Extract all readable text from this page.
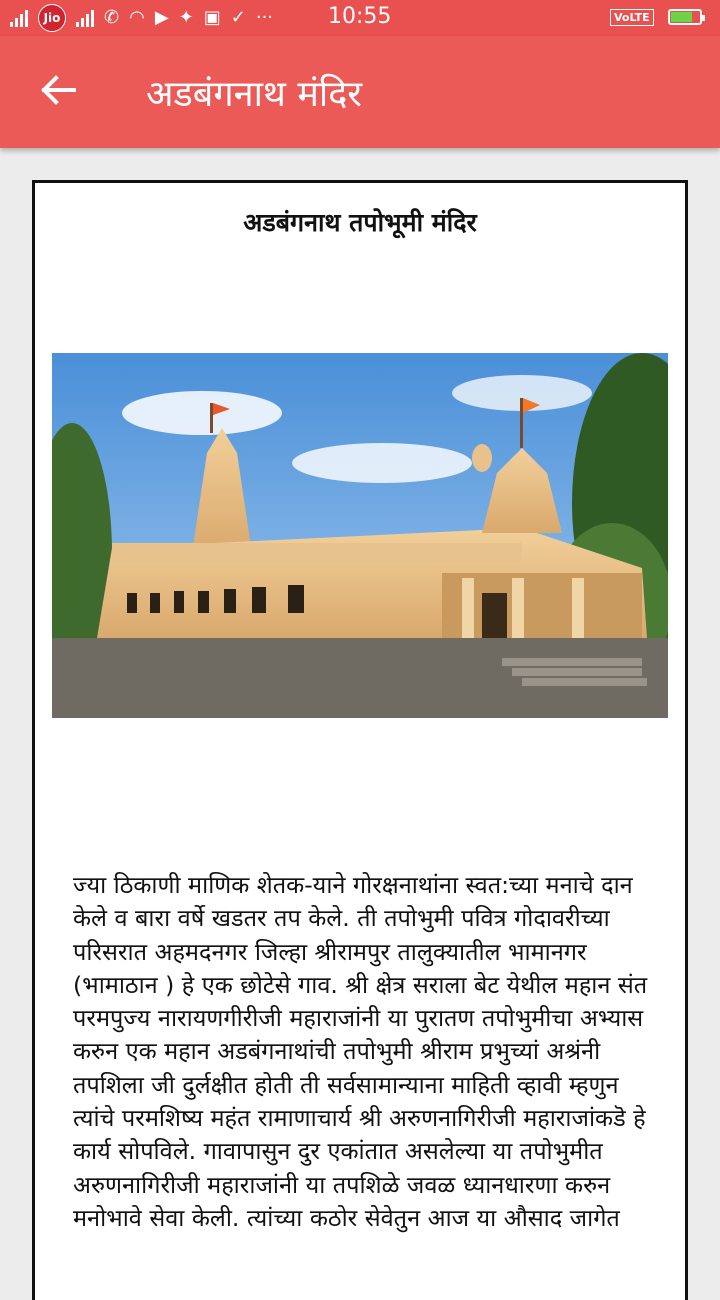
Jio	✆ ◠ ▶ ✦ ▣ ✓ ··· 10:55	VoLTE
अडबंगनाथ मंदिर
अडबंगनाथ तपोभूमी मंदिर
ज्या ठिकाणी माणिक शेतक-याने गोरक्षनाथांना स्वत:च्या मनाचे दान केले व बारा वर्षे खडतर तप केले. ती तपोभुमी पवित्र गोदावरीच्या परिसरात अहमदनगर जिल्हा श्रीरामपुर तालुक्यातील भामानगर (भामाठान ) हे एक छोटेसे गाव. श्री क्षेत्र सराला बेट येथील महान संत परमपुज्य नारायणगीरीजी महाराजांनी या पुरातण तपोभुमीचा अभ्यास करुन एक महान अडबंगनाथांची तपोभुमी श्रीराम प्रभुच्यां अश्रंनी तपशिला जी दुर्लक्षीत होती ती सर्वसामान्याना माहिती व्हावी म्हणुन त्यांचे परमशिष्य महंत रामाणाचार्य श्री अरुणनागिरीजी महाराजांकडॆ हे कार्य सोपविले. गावापासुन दुर एकांतात असलेल्या या तपोभुमीत अरुणनागिरीजी महाराजांनी या तपशिळे जवळ ध्यानधारणा करुन मनोभावे सेवा केली. त्यांच्या कठोर सेवेतुन आज या औसाद जागेत
